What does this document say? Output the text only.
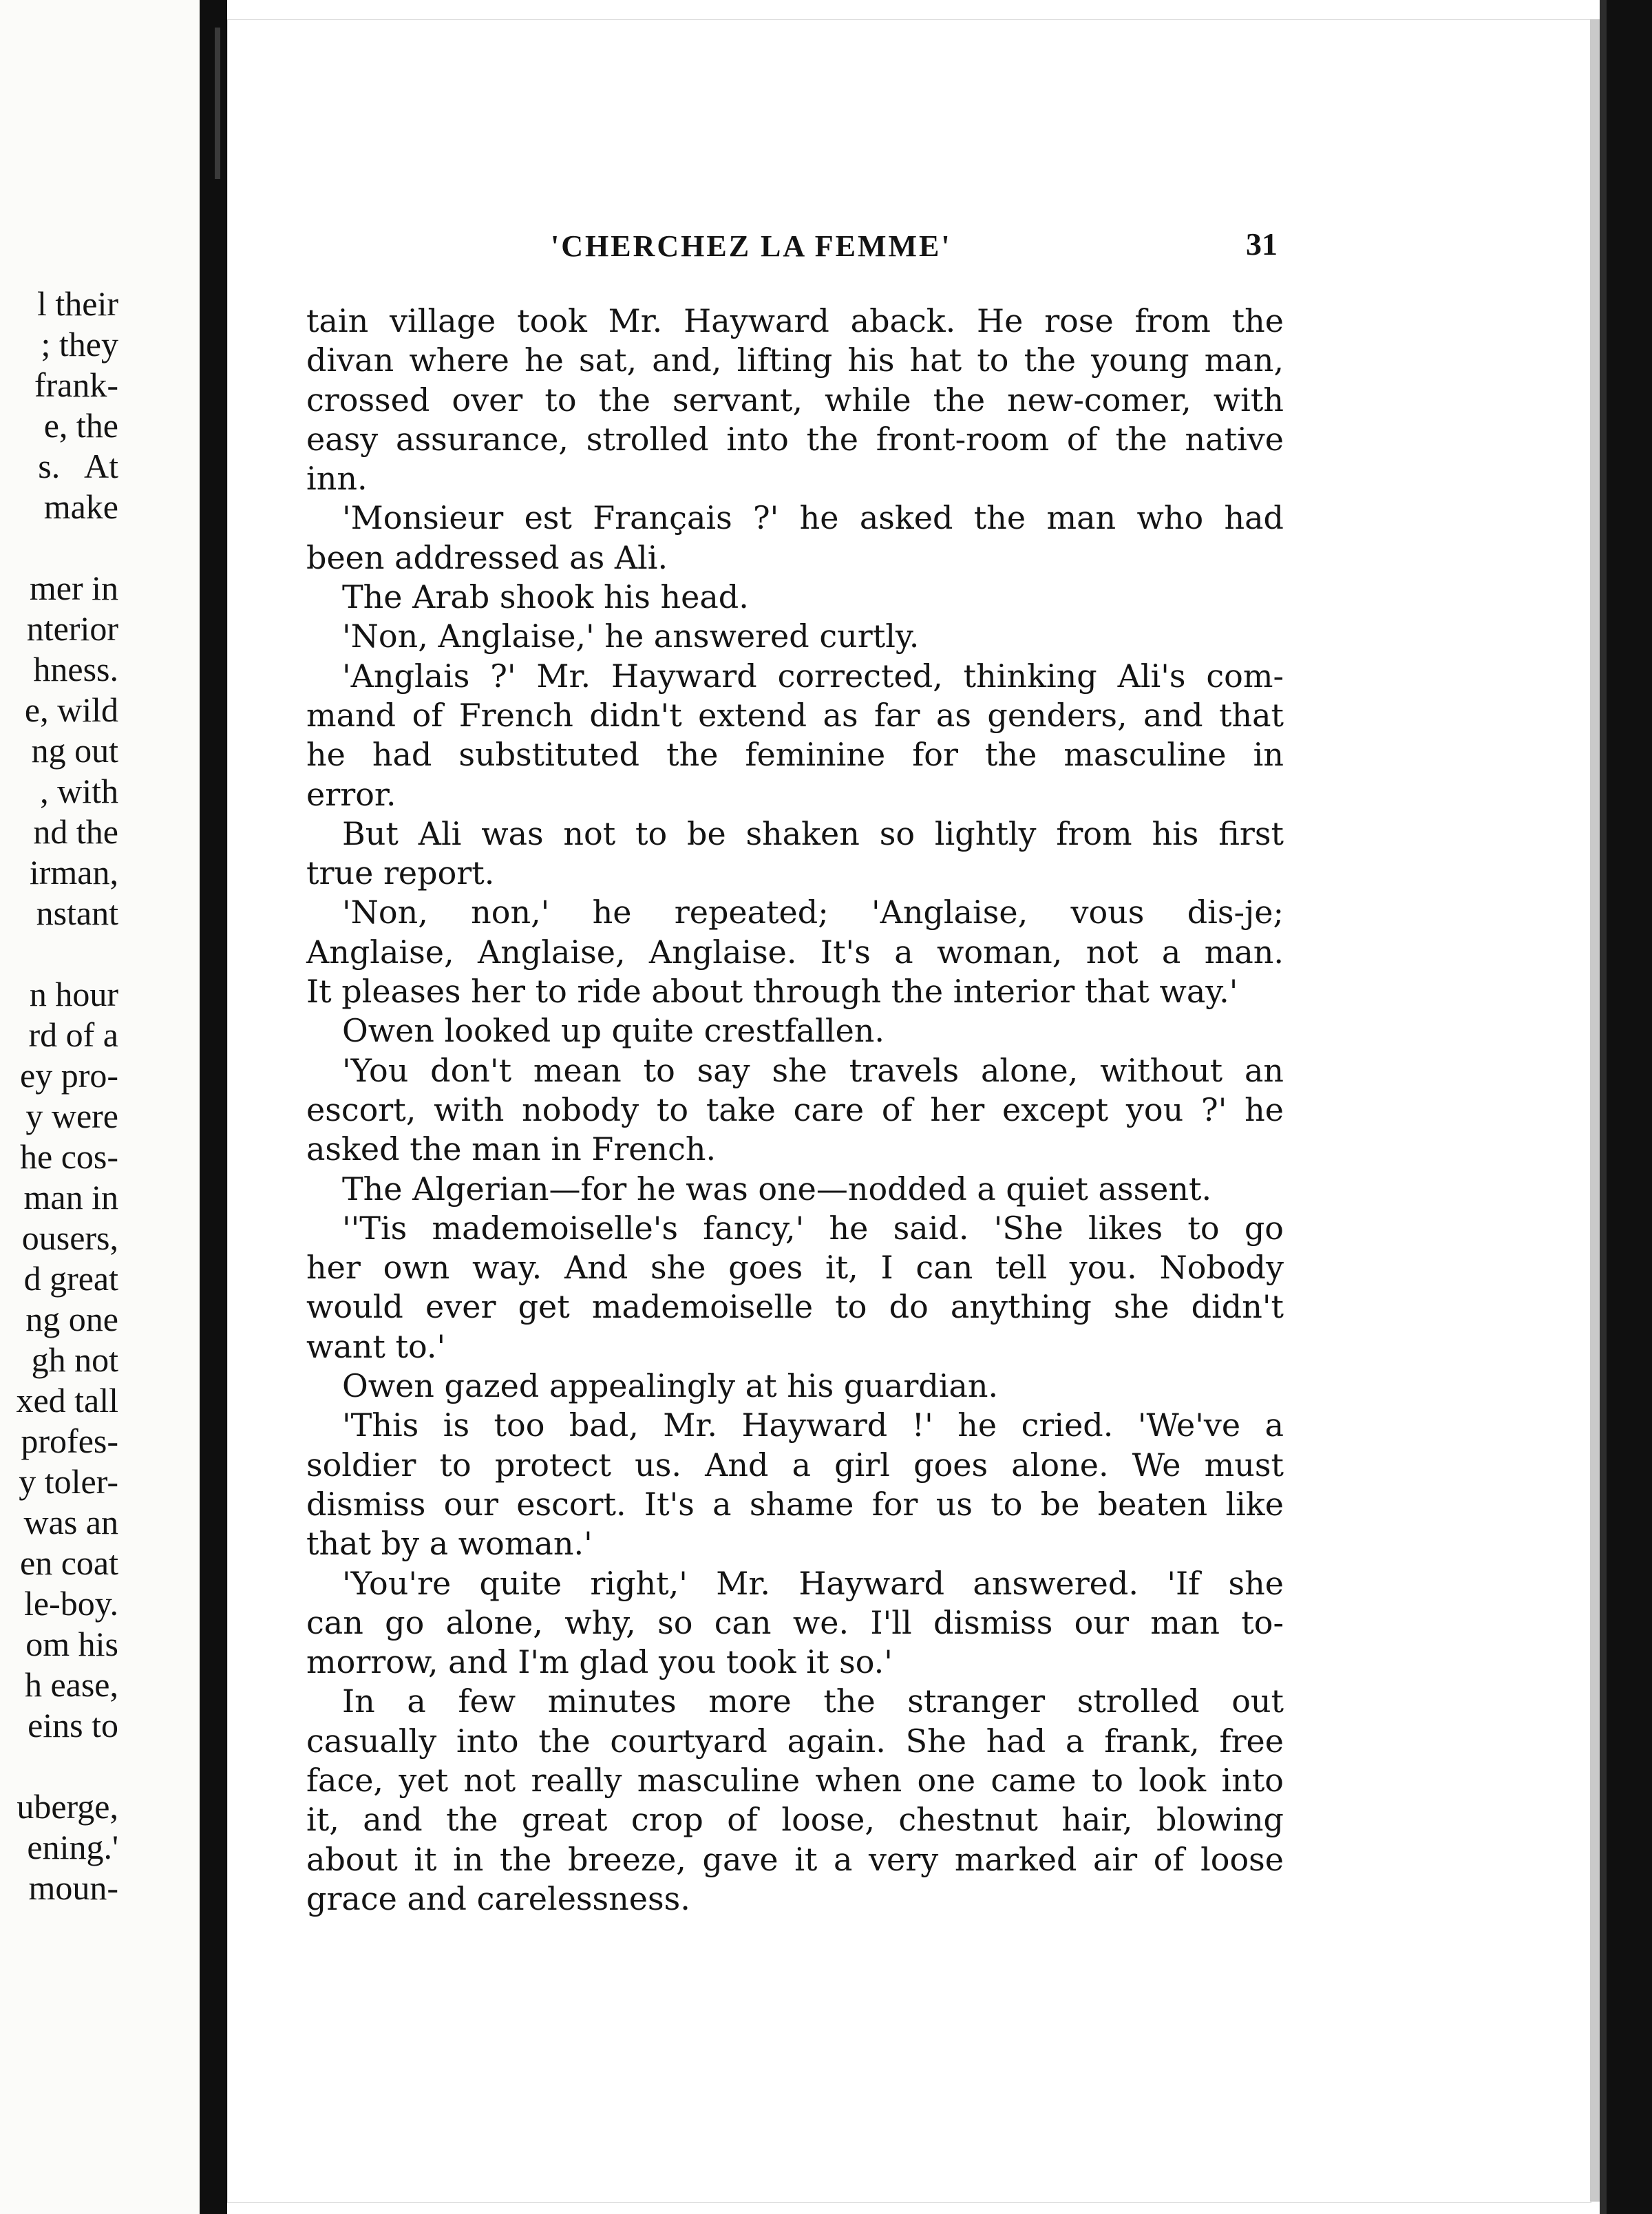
l their
; they
frank-
e, the
s.   At
make

mer in
nterior
hness.
e, wild
ng out
, with
nd the
irman,
nstant

n hour
rd of a
ey pro-
y were
he cos-
man in
ousers,
d great
ng one
gh not
xed tall
profes-
y toler-
was an
en coat
le-boy.
om his
h ease,
eins to

uberge,
ening.'
moun-
'CHERCHEZ LA FEMME'	31
tain village took Mr. Hayward aback. He rose from the
divan where he sat, and, lifting his hat to the young man,
crossed over to the servant, while the new-comer, with
easy assurance, strolled into the front-room of the native
inn.
'Monsieur est Français ?' he asked the man who had
been addressed as Ali.
The Arab shook his head.
'Non, Anglaise,' he answered curtly.
'Anglais ?' Mr. Hayward corrected, thinking Ali's com-
mand of French didn't extend as far as genders, and that
he had substituted the feminine for the masculine in
error.
But Ali was not to be shaken so lightly from his first
true report.
'Non, non,' he repeated; 'Anglaise, vous dis-je;
Anglaise, Anglaise, Anglaise. It's a woman, not a man.
It pleases her to ride about through the interior that way.'
Owen looked up quite crestfallen.
'You don't mean to say she travels alone, without an
escort, with nobody to take care of her except you ?' he
asked the man in French.
The Algerian—for he was one—nodded a quiet assent.
''Tis mademoiselle's fancy,' he said. 'She likes to go
her own way. And she goes it, I can tell you. Nobody
would ever get mademoiselle to do anything she didn't
want to.'
Owen gazed appealingly at his guardian.
'This is too bad, Mr. Hayward !' he cried. 'We've a
soldier to protect us. And a girl goes alone. We must
dismiss our escort. It's a shame for us to be beaten like
that by a woman.'
'You're quite right,' Mr. Hayward answered. 'If she
can go alone, why, so can we. I'll dismiss our man to-
morrow, and I'm glad you took it so.'
In a few minutes more the stranger strolled out
casually into the courtyard again. She had a frank, free
face, yet not really masculine when one came to look into
it, and the great crop of loose, chestnut hair, blowing
about it in the breeze, gave it a very marked air of loose
grace and carelessness.
